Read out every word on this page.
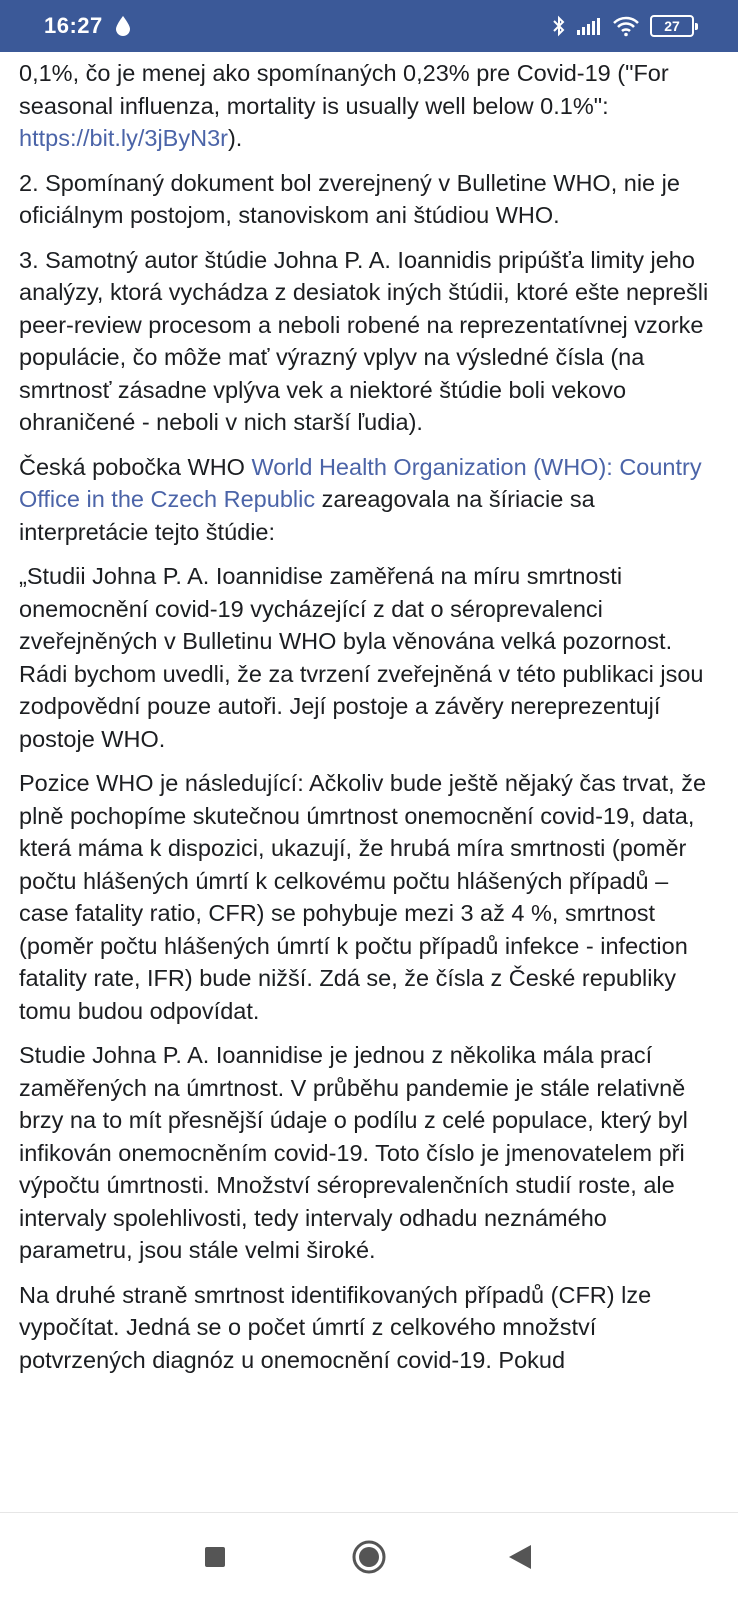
16:27	27

0,1%, čo je menej ako spomínaných 0,23% pre Covid-19 ("For seasonal influenza, mortality is usually well below 0.1%": https://bit.ly/3jByN3r).

2. Spomínaný dokument bol zverejnený v Bulletine WHO, nie je oficiálnym postojom, stanoviskom ani štúdiou WHO.

3. Samotný autor štúdie Johna P. A. Ioannidis pripúšťa limity jeho analýzy, ktorá vychádza z desiatok iných štúdii, ktoré ešte neprešli peer-review procesom a neboli robené na reprezentatívnej vzorke populácie, čo môže mať výrazný vplyv na výsledné čísla (na smrtnosť zásadne vplýva vek a niektoré štúdie boli vekovo ohraničené - neboli v nich starší ľudia).

Česká pobočka WHO World Health Organization (WHO): Country Office in the Czech Republic zareagovala na šíriacie sa interpretácie tejto štúdie:

„Studii Johna P. A. Ioannidise zaměřená na míru smrtnosti onemocnění covid-19 vycházející z dat o séroprevalenci zveřejněných v Bulletinu WHO byla věnována velká pozornost. Rádi bychom uvedli, že za tvrzení zveřejněná v této publikaci jsou zodpovědní pouze autoři. Její postoje a závěry nereprezentují postoje WHO.

Pozice WHO je následující: Ačkoliv bude ještě nějaký čas trvat, že plně pochopíme skutečnou úmrtnost onemocnění covid-19, data, která máma k dispozici, ukazují, že hrubá míra smrtnosti (poměr počtu hlášených úmrtí k celkovému počtu hlášených případů – case fatality ratio, CFR) se pohybuje mezi 3 až 4 %, smrtnost (poměr počtu hlášených úmrtí k počtu případů infekce - infection fatality rate, IFR) bude nižší. Zdá se, že čísla z České republiky tomu budou odpovídat.

Studie Johna P. A. Ioannidise je jednou z několika mála prací zaměřených na úmrtnost. V průběhu pandemie je stále relativně brzy na to mít přesnější údaje o podílu z celé populace, který byl infikován onemocněním covid-19. Toto číslo je jmenovatelem při výpočtu úmrtnosti. Množství séroprevalenčních studií roste, ale intervaly spolehlivosti, tedy intervaly odhadu neznámého parametru, jsou stále velmi široké.

Na druhé straně smrtnost identifikovaných případů (CFR) lze vypočítat. Jedná se o počet úmrtí z celkového množství potvrzených diagnóz u onemocnění covid-19. Pokud
